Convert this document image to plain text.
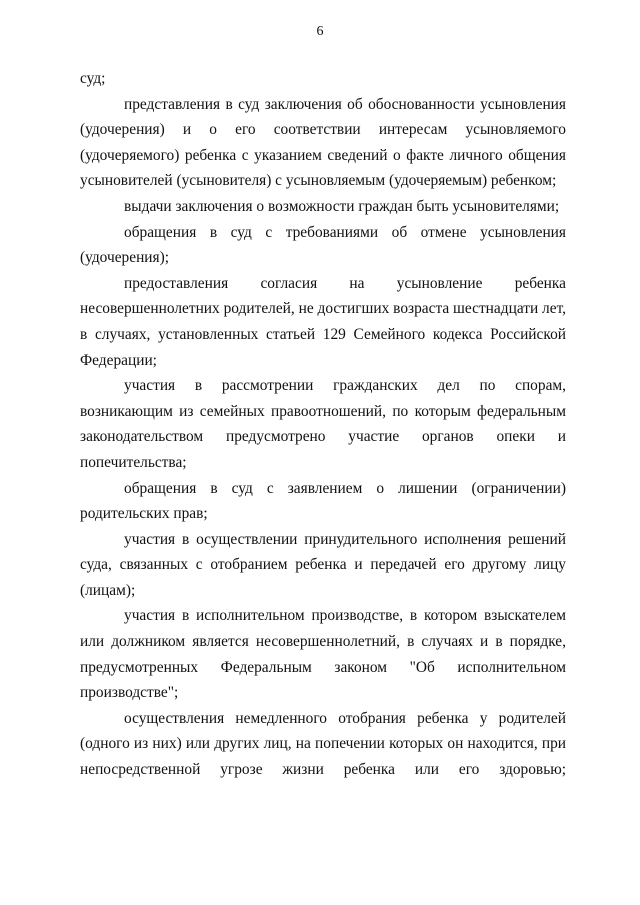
6

суд;

представления в суд заключения об обоснованности усыновления (удочерения) и о его соответствии интересам усыновляемого (удочеряемого) ребенка с указанием сведений о факте личного общения усыновителей (усыновителя) с усыновляемым (удочеряемым) ребенком;

выдачи заключения о возможности граждан быть усыновителями;

обращения в суд с требованиями об отмене усыновления (удочерения);

предоставления согласия на усыновление ребенка несовершеннолетних родителей, не достигших возраста шестнадцати лет, в случаях, установленных статьей 129 Семейного кодекса Российской Федерации;

участия в рассмотрении гражданских дел по спорам, возникающим из семейных правоотношений, по которым федеральным законодательством предусмотрено участие органов опеки и попечительства;

обращения в суд с заявлением о лишении (ограничении) родительских прав;

участия в осуществлении принудительного исполнения решений суда, связанных с отобранием ребенка и передачей его другому лицу (лицам);

участия в исполнительном производстве, в котором взыскателем или должником является несовершеннолетний, в случаях и в порядке, предусмотренных Федеральным законом "Об исполнительном производстве";

осуществления немедленного отобрания ребенка у родителей (одного из них) или других лиц, на попечении которых он находится, при непосредственной угрозе жизни ребенка или его здоровью;
